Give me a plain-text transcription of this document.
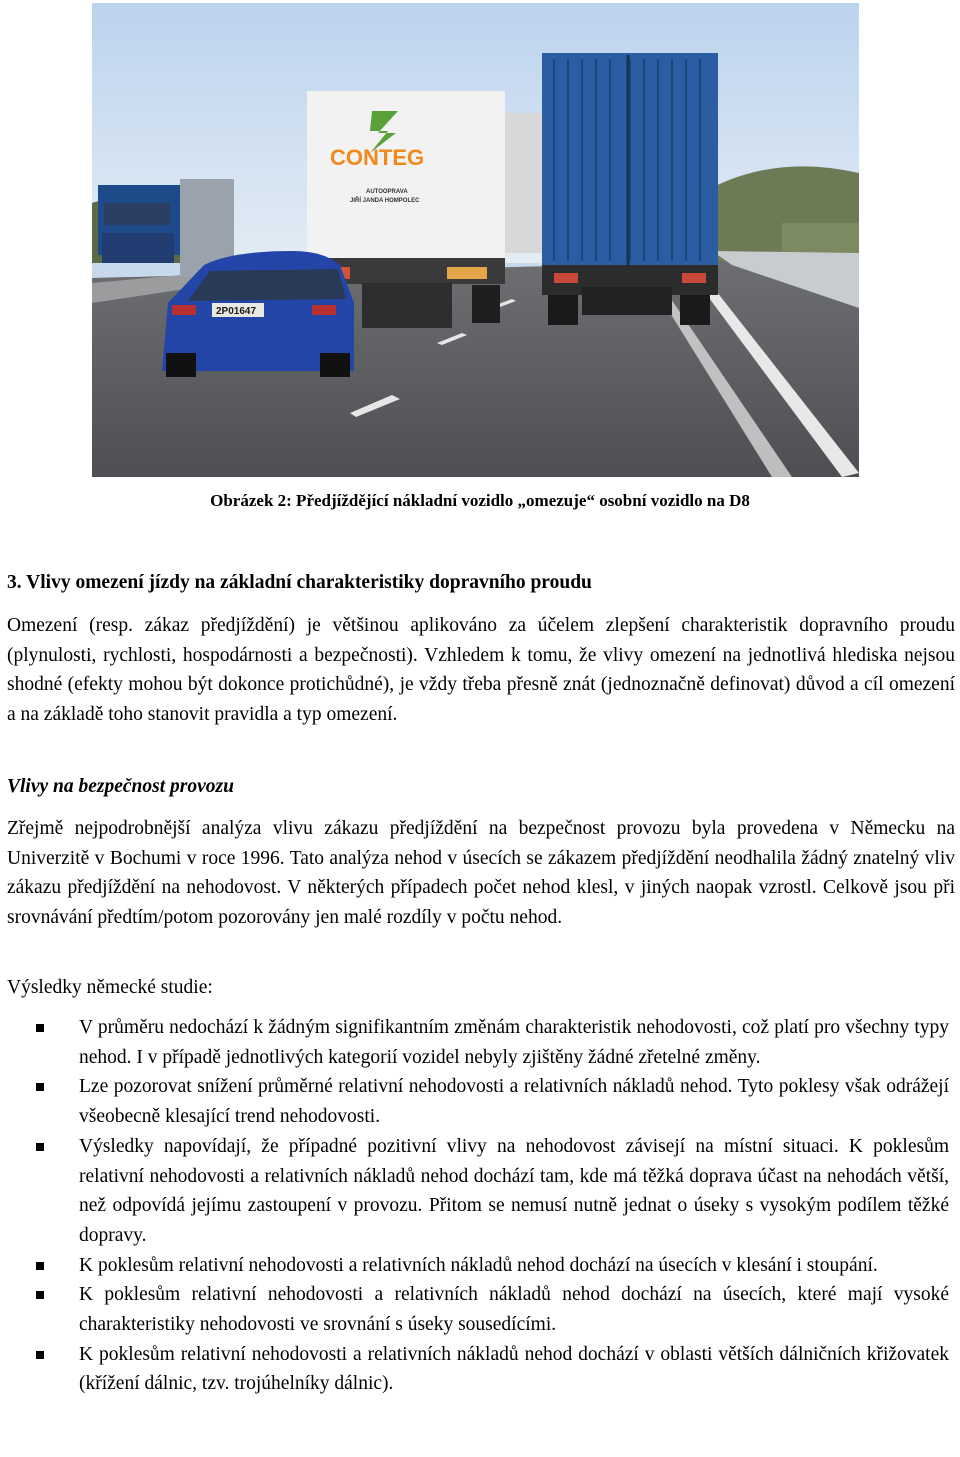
CONTEG
AUTOOPRAVA
JIŘÍ JANDA HOMPOLEC
2P01647
Obrázek 2: Předjíždějící nákladní vozidlo „omezuje“ osobní vozidlo na D8
3. Vlivy omezení jízdy na základní charakteristiky dopravního proudu
Omezení (resp. zákaz předjíždění) je většinou aplikováno za účelem zlepšení charakteristik dopravního proudu (plynulosti, rychlosti, hospodárnosti a bezpečnosti). Vzhledem k tomu, že vlivy omezení na jednotlivá hlediska nejsou shodné (efekty mohou být dokonce protichůdné), je vždy třeba přesně znát (jednoznačně definovat) důvod a cíl omezení a na základě toho stanovit pravidla a typ omezení.
Vlivy na bezpečnost provozu
Zřejmě nejpodrobnější analýza vlivu zákazu předjíždění na bezpečnost provozu byla provedena v Německu na Univerzitě v Bochumi v roce 1996. Tato analýza nehod v úsecích se zákazem předjíždění neodhalila žádný znatelný vliv zákazu předjíždění na nehodovost. V některých případech počet nehod klesl, v jiných naopak vzrostl. Celkově jsou při srovnávání předtím/potom pozorovány jen malé rozdíly v počtu nehod.
Výsledky německé studie:
V průměru nedochází k žádným signifikantním změnám charakteristik nehodovosti, což platí pro všechny typy nehod. I v případě jednotlivých kategorií vozidel nebyly zjištěny žádné zřetelné změny.
Lze pozorovat snížení průměrné relativní nehodovosti a relativních nákladů nehod. Tyto poklesy však odrážejí všeobecně klesající trend nehodovosti.
Výsledky napovídají, že případné pozitivní vlivy na nehodovost závisejí na místní situaci. K poklesům relativní nehodovosti a relativních nákladů nehod dochází tam, kde má těžká doprava účast na nehodách větší, než odpovídá jejímu zastoupení v provozu. Přitom se nemusí nutně jednat o úseky s vysokým podílem těžké dopravy.
K poklesům relativní nehodovosti a relativních nákladů nehod dochází na úsecích v klesání i stoupání.
K poklesům relativní nehodovosti a relativních nákladů nehod dochází na úsecích, které mají vysoké charakteristiky nehodovosti ve srovnání s úseky sousedícími.
K poklesům relativní nehodovosti a relativních nákladů nehod dochází v oblasti větších dálničních křižovatek (křížení dálnic, tzv. trojúhelníky dálnic).
